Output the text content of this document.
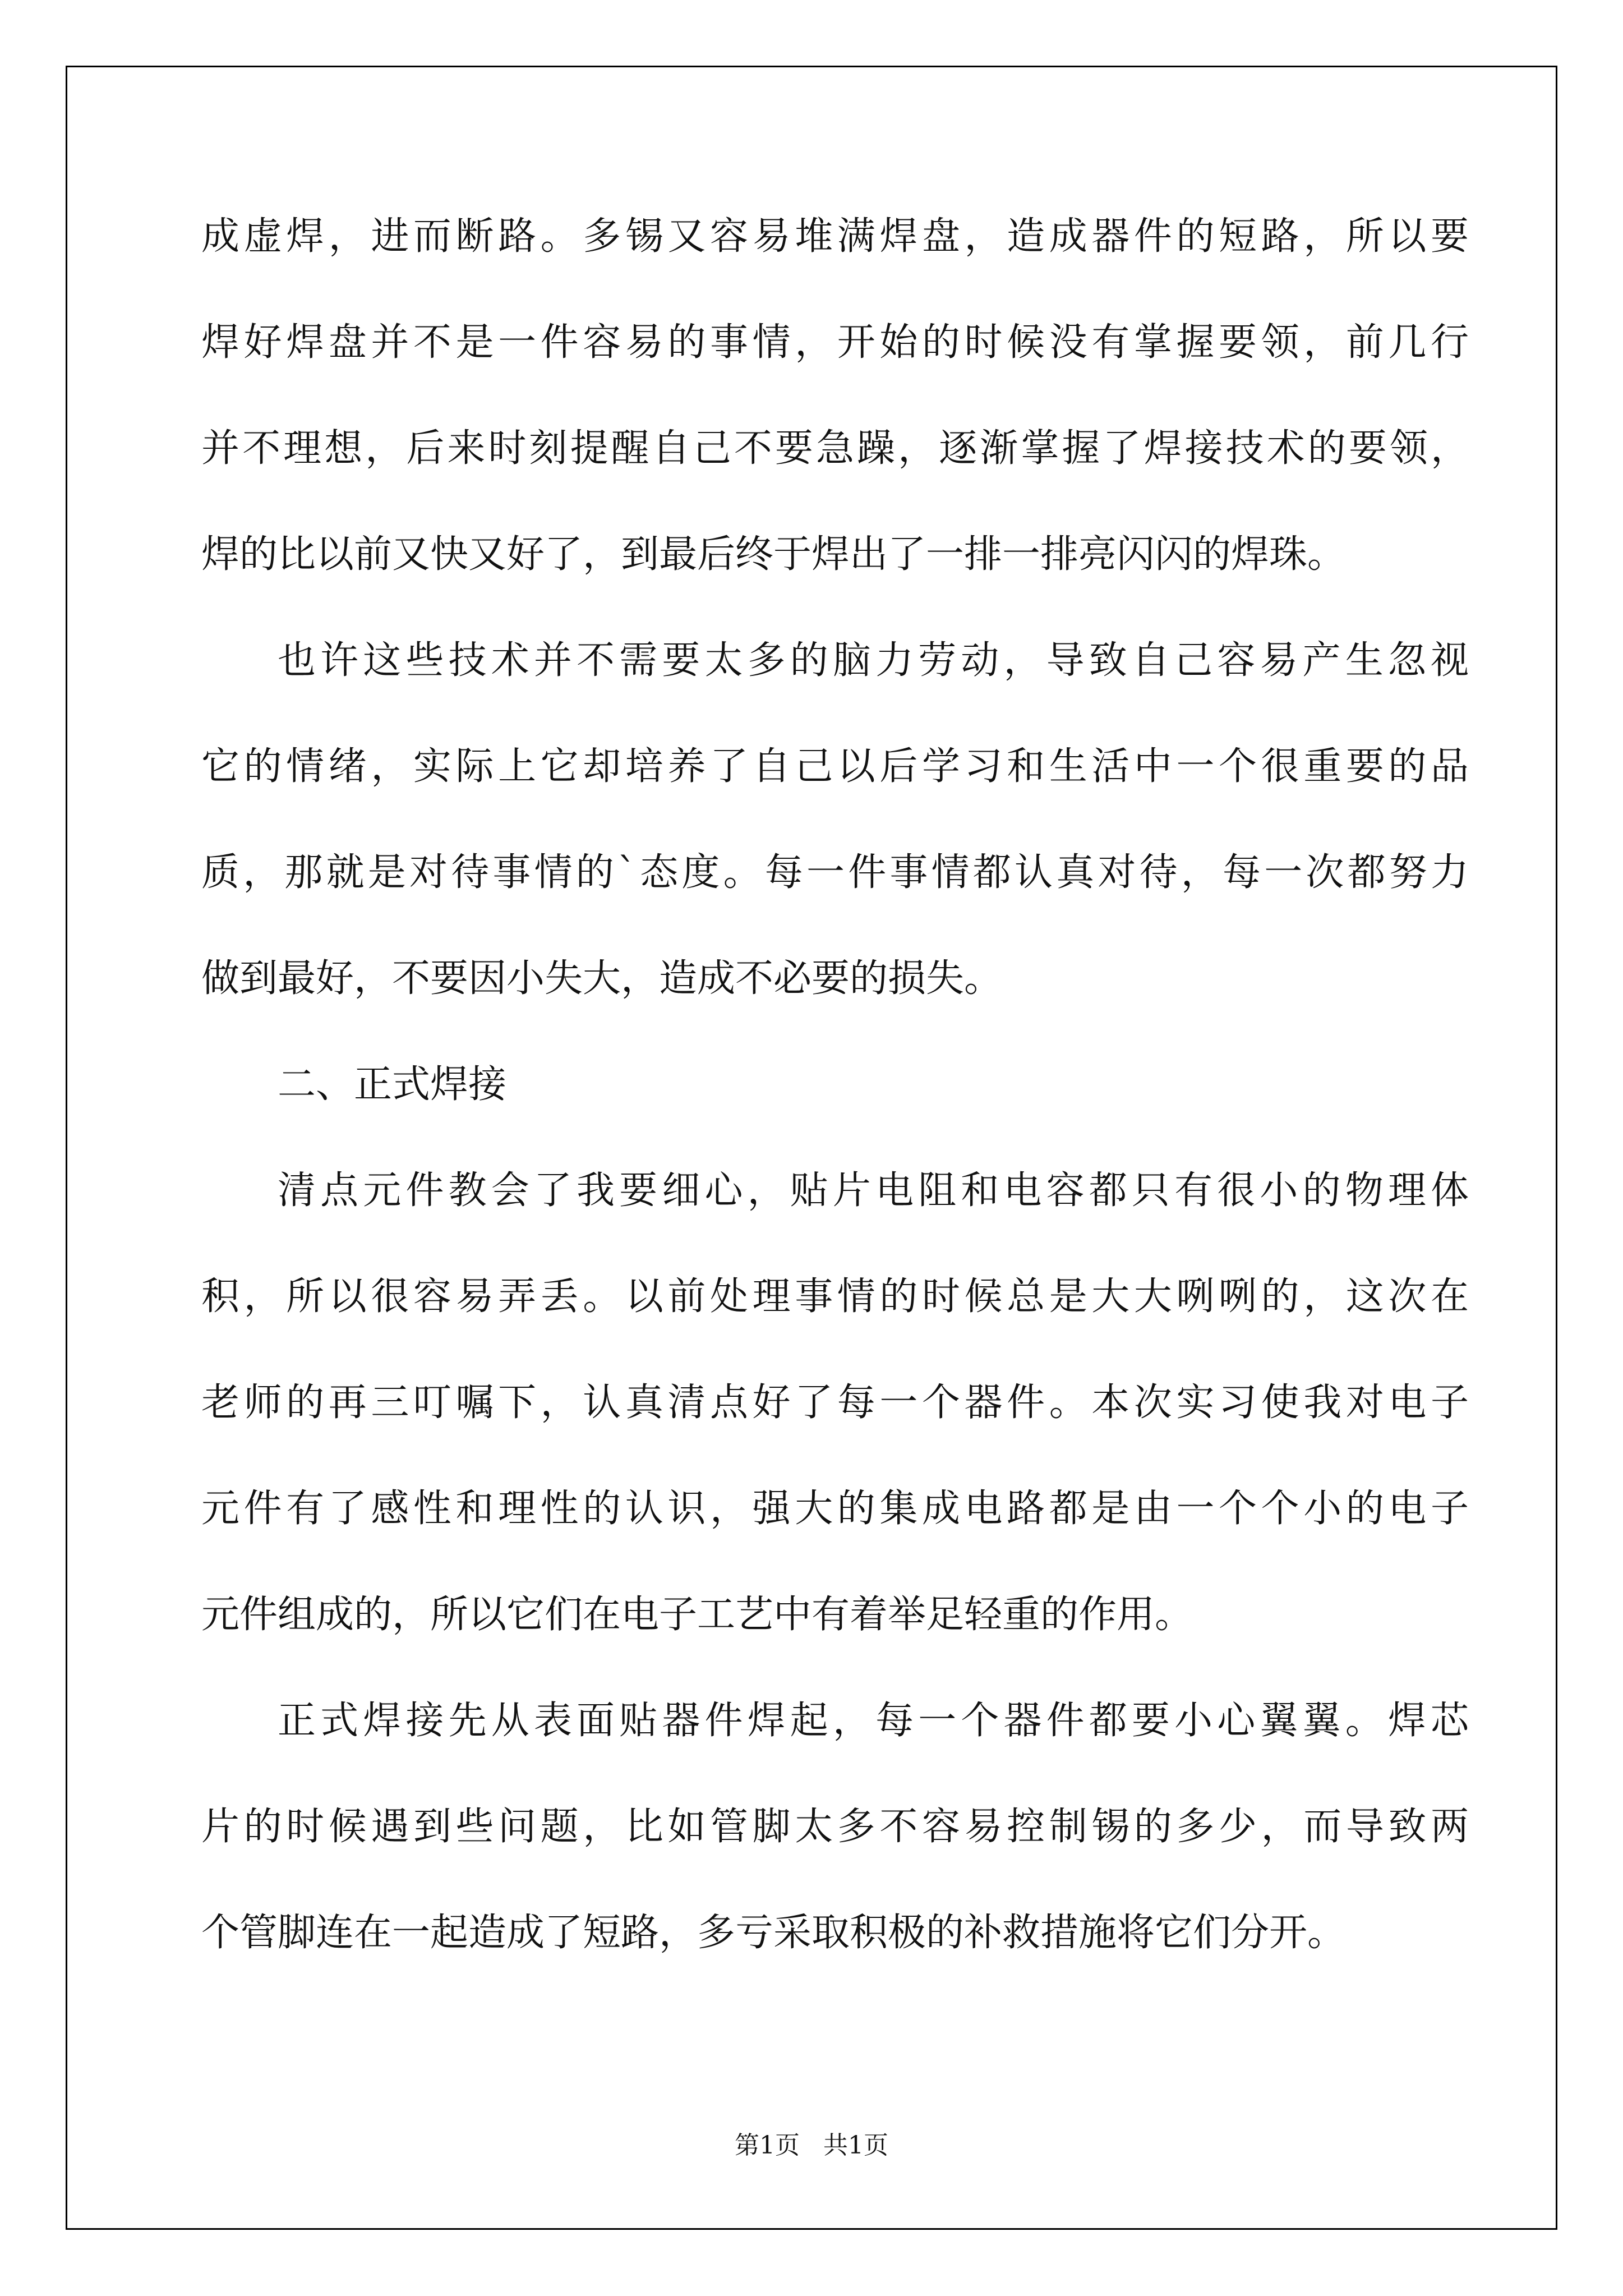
成虚焊，进而断路。多锡又容易堆满焊盘，造成器件的短路，所以要
焊好焊盘并不是一件容易的事情，开始的时候没有掌握要领，前几行
并不理想，后来时刻提醒自己不要急躁，逐渐掌握了焊接技术的要领，
焊的比以前又快又好了，到最后终于焊出了一排一排亮闪闪的焊珠。
也许这些技术并不需要太多的脑力劳动，导致自己容易产生忽视
它的情绪，实际上它却培养了自己以后学习和生活中一个很重要的品
质，那就是对待事情的`态度。每一件事情都认真对待，每一次都努力
做到最好，不要因小失大，造成不必要的损失。
二、正式焊接
清点元件教会了我要细心，贴片电阻和电容都只有很小的物理体
积，所以很容易弄丢。以前处理事情的时候总是大大咧咧的，这次在
老师的再三叮嘱下，认真清点好了每一个器件。本次实习使我对电子
元件有了感性和理性的认识，强大的集成电路都是由一个个小的电子
元件组成的，所以它们在电子工艺中有着举足轻重的作用。
正式焊接先从表面贴器件焊起，每一个器件都要小心翼翼。焊芯
片的时候遇到些问题，比如管脚太多不容易控制锡的多少，而导致两
个管脚连在一起造成了短路，多亏采取积极的补救措施将它们分开。
第1页   共1页
